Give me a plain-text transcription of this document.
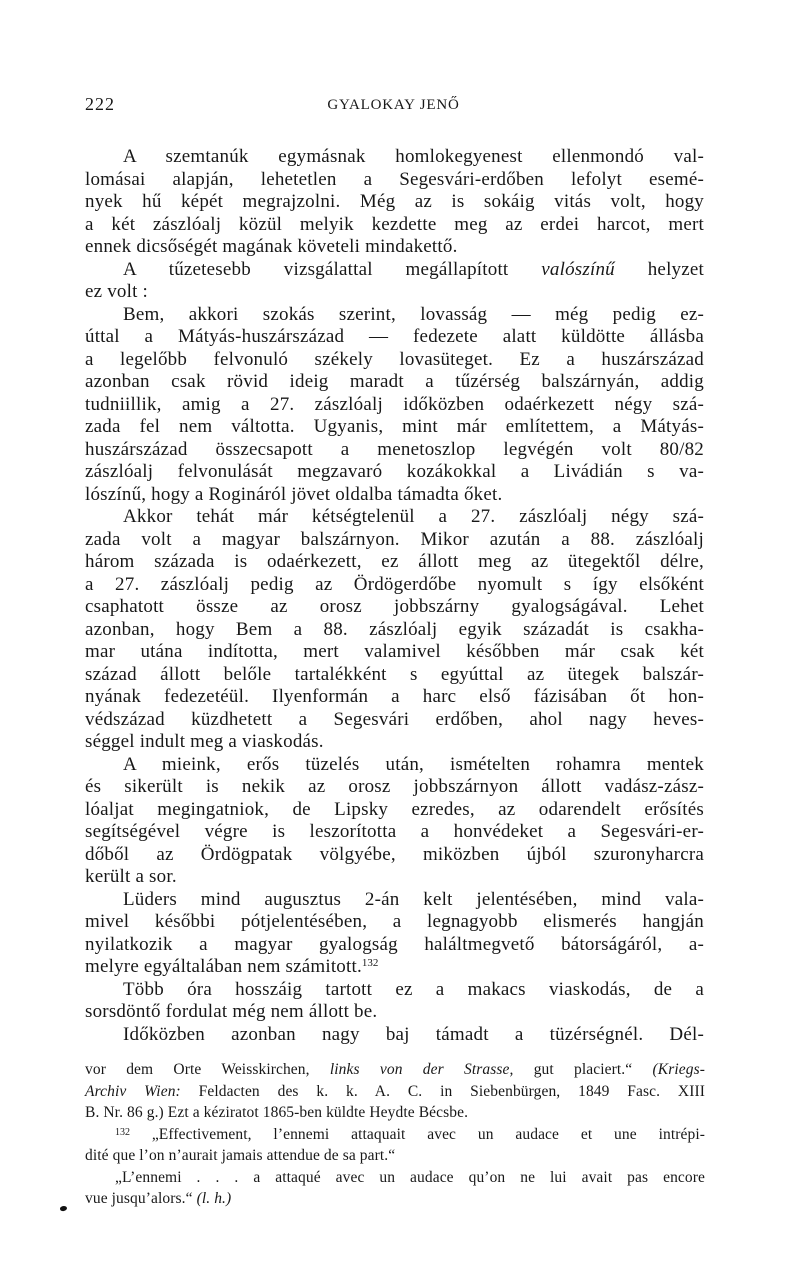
222	GYALOKAY JENŐ
A szemtanúk egymásnak homlokegyenest ellenmondó val-
lomásai alapján, lehetetlen a Segesvári-erdőben lefolyt esemé-
nyek hű képét megrajzolni. Még az is sokáig vitás volt, hogy
a két zászlóalj közül melyik kezdette meg az erdei harcot, mert
ennek dicsőségét magának követeli mindakettő.
A tűzetesebb vizsgálattal megállapított valószínű helyzet
ez volt :
Bem, akkori szokás szerint, lovasság — még pedig ez-
úttal a Mátyás-huszárszázad — fedezete alatt küldötte állásba
a legelőbb felvonuló székely lovasüteget. Ez a huszárszázad
azonban csak rövid ideig maradt a tűzérség balszárnyán, addig
tudniillik, amig a 27. zászlóalj időközben odaérkezett négy szá-
zada fel nem váltotta. Ugyanis, mint már említettem, a Mátyás-
huszárszázad összecsapott a menetoszlop legvégén volt 80/82
zászlóalj felvonulását megzavaró kozákokkal a Livádián s va-
lószínű, hogy a Rogináról jövet oldalba támadta őket.
Akkor tehát már kétségtelenül a 27. zászlóalj négy szá-
zada volt a magyar balszárnyon. Mikor azután a 88. zászlóalj
három százada is odaérkezett, ez állott meg az ütegektől délre,
a 27. zászlóalj pedig az Ördögerdőbe nyomult s így elsőként
csaphatott össze az orosz jobbszárny gyalogságával. Lehet
azonban, hogy Bem a 88. zászlóalj egyik századát is csakha-
mar utána indította, mert valamivel későbben már csak két
század állott belőle tartalékként s egyúttal az ütegek balszár-
nyának fedezetéül. Ilyenformán a harc első fázisában őt hon-
védszázad küzdhetett a Segesvári erdőben, ahol nagy heves-
séggel indult meg a viaskodás.
A mieink, erős tüzelés után, ismételten rohamra mentek
és sikerült is nekik az orosz jobbszárnyon állott vadász-zász-
lóaljat megingatniok, de Lipsky ezredes, az odarendelt erősítés
segítségével végre is leszorította a honvédeket a Segesvári-er-
dőből az Ördögpatak völgyébe, miközben újból szuronyharcra
került a sor.
Lüders mind augusztus 2-án kelt jelentésében, mind vala-
mivel későbbi pótjelentésében, a legnagyobb elismerés hangján
nyilatkozik a magyar gyalogság haláltmegvető bátorságáról, a-
melyre egyáltalában nem számitott.$^{132}$
Több óra hosszáig tartott ez a makacs viaskodás, de a
sorsdöntő fordulat még nem állott be.
Időközben azonban nagy baj támadt a tüzérségnél. Dél-
vor dem Orte Weisskirchen, links von der Strasse, gut placiert.“ (Kriegs-
Archiv Wien: Feldacten des k. k. A. C. in Siebenbürgen, 1849 Fasc. XIII
B. Nr. 86 g.) Ezt a kéziratot 1865-ben küldte Heydte Bécsbe.
$^{132}$ „Effectivement, l’ennemi attaquait avec un audace et une intrépi-
dité que l’on n’aurait jamais attendue de sa part.“
„L’ennemi . . . a attaqué avec un audace qu’on ne lui avait pas encore
vue jusqu’alors.“ (l. h.)
